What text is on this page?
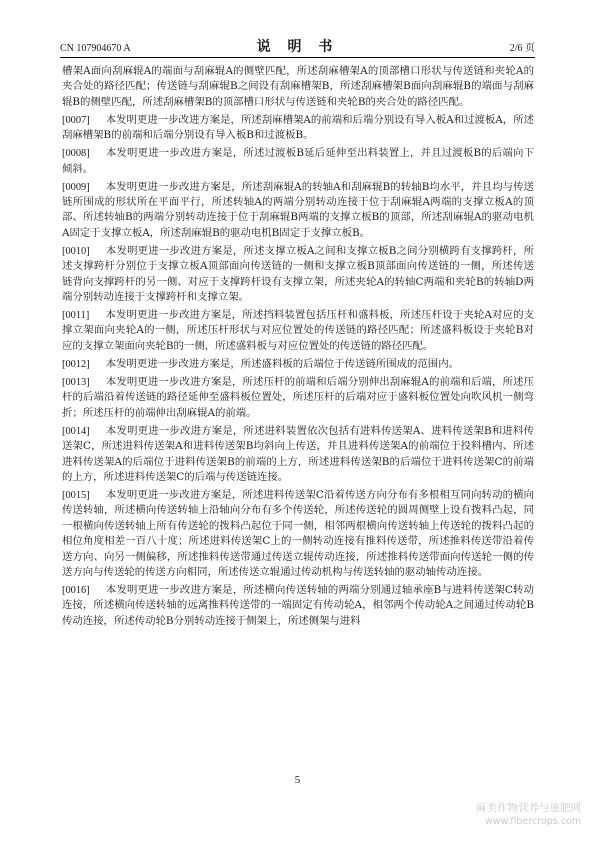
CN 107904670 A	说 明 书	2/6 页

槽架A面向刮麻辊A的端面与刮麻辊A的侧壁匹配，所述刮麻槽架A的顶部槽口形状与传送链和夹轮A的夹合处的路径匹配；传送链与刮麻辊B之间设有刮麻槽架B，所述刮麻槽架B面向刮麻辊B的端面与刮麻辊B的侧壁匹配，所述刮麻槽架B的顶部槽口形状与传送链和夹轮B的夹合处的路径匹配。

[0007] 本发明更进一步改进方案是，所述刮麻槽架A的前端和后端分别设有导入板A和过渡板A，所述刮麻槽架B的前端和后端分别设有导入板B和过渡板B。

[0008] 本发明更进一步改进方案是，所述过渡板B延后延伸至出料装置上，并且过渡板B的后端向下倾斜。

[0009] 本发明更进一步改进方案是，所述刮麻辊A的转轴A和刮麻辊B的转轴B均水平，并且均与传送链所围成的形状所在平面平行，所述转轴A的两端分别转动连接于位于刮麻辊A两端的支撑立板A的顶部、所述转轴B的两端分别转动连接于位于刮麻辊B两端的支撑立板B的顶部，所述刮麻辊A的驱动电机A固定于支撑立板A，所述刮麻辊B的驱动电机B固定于支撑立板B。

[0010] 本发明更进一步改进方案是，所述支撑立板A之间和支撑立板B之间分别横跨有支撑跨杆，所述支撑跨杆分别位于支撑立板A顶部面向传送链的一侧和支撑立板B顶部面向传送链的一侧，所述传送链背向支撑跨杆的另一侧、对应于支撑跨杆设有支撑立架，所述夹轮A的转轴C两端和夹轮B的转轴D两端分别转动连接于支撑跨杆和支撑立架。

[0011] 本发明更进一步改进方案是，所述挡料装置包括压杆和盛料板，所述压杆设于夹轮A对应的支撑立架面向夹轮A的一侧，所述压杆形状与对应位置处的传送链的路径匹配；所述盛料板设于夹轮B对应的支撑立架面向夹轮B的一侧，所述盛料板与对应位置处的传送链的路径匹配。

[0012] 本发明更进一步改进方案是，所述盛料板的后端位于传送链所围成的范围内。

[0013] 本发明更进一步改进方案是，所述压杆的前端和后端分别伸出刮麻辊A的前端和后端，所述压杆的后端沿着传送链的路径延伸至盛料板位置处，所述压杆的后端对应于盛料板位置处向吹风机一侧弯折；所述压杆的前端伸出刮麻辊A的前端。

[0014] 本发明更进一步改进方案是，所述进料装置依次包括有进料传送架A、进料传送架B和进料传送架C，所述进料传送架A和进料传送架B均斜向上传送，并且进料传送架A的前端位于投料槽内、所述进料传送架A的后端位于进料传送架B的前端的上方，所述进料传送架B的后端位于进料传送架C的前端的上方，所述进料传送架C的后端与传送链连接。

[0015] 本发明更进一步改进方案是，所述进料传送架C沿着传送方向分布有多根相互同向转动的横向传送转轴，所述横向传送转轴上沿轴向分布有多个传送轮，所述传送轮的圆周侧壁上设有拨料凸起，同一根横向传送转轴上所有传送轮的拨料凸起位于同一侧，相邻两根横向传送转轴上传送轮的拨料凸起的相位角度相差一百八十度；所述进料传送架C上的一侧转动连接有推料传送带，所述推料传送带沿着传送方向、向另一侧偏移，所述推料传送带通过传送立辊传动连接，所述推料传送带面向传送轮一侧的传送方向与传送轮的传送方向相同，所述传送立辊通过传动机构与传送转轴的驱动轴传动连接。

[0016] 本发明更进一步改进方案是，所述横向传送转轴的两端分别通过轴承座B与进料传送架C转动连接，所述横向传送转轴的远离推料传送带的一端固定有传动轮A，相邻两个传动轮A之间通过传动轮B传动连接，所述传动轮B分别转动连接于侧架上，所述侧架与进料

5
麻类作物营养与施肥网
www.fibercrops.com
